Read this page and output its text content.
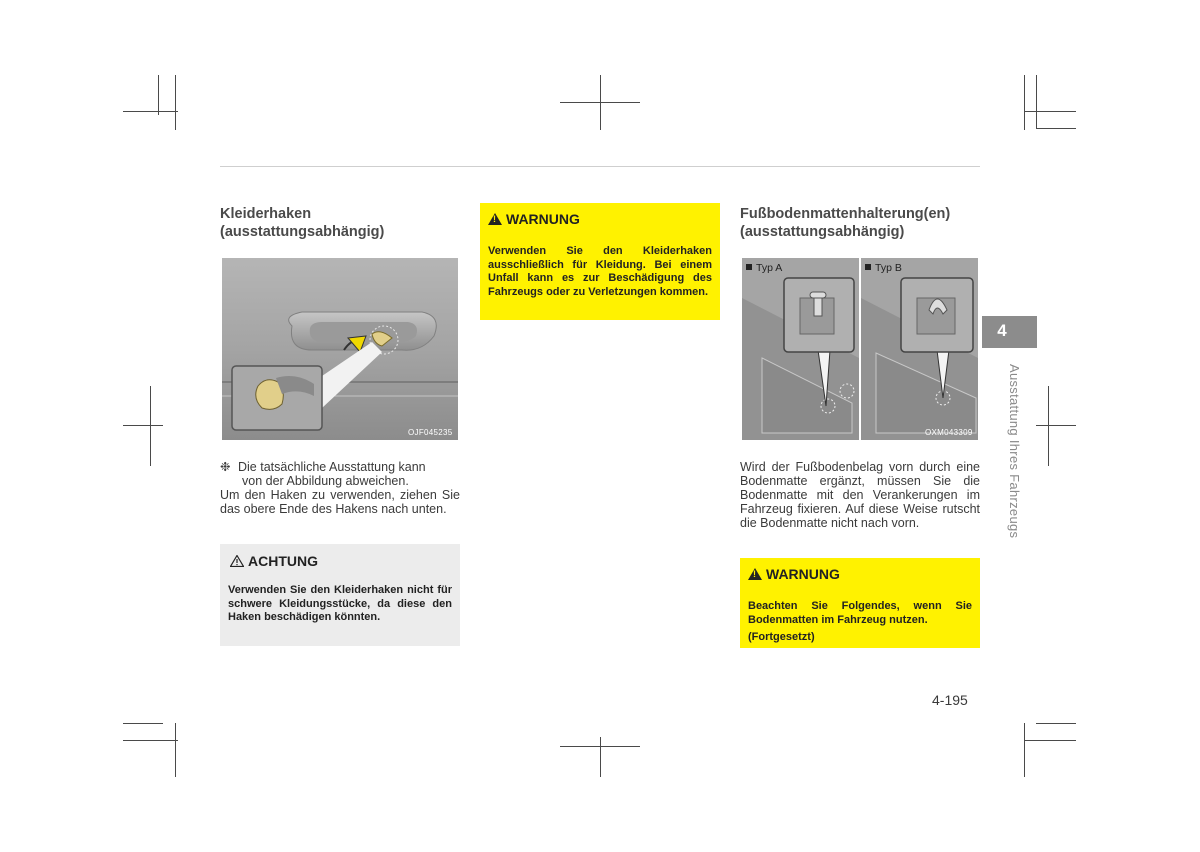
Kleiderhaken
(ausstattungsabhängig)
OJF045235
❉ Die tatsächliche Ausstattung kann
von der Abbildung abweichen.
Um den Haken zu verwenden, ziehen Sie das obere Ende des Hakens nach unten.
ACHTUNG
Verwenden Sie den Kleiderhaken nicht für schwere Kleidungsstücke, da diese den Haken beschädigen könnten.
!WARNUNG
Verwenden Sie den Kleiderhaken ausschließlich für Kleidung. Bei einem Unfall kann es zur Beschädigung des Fahrzeugs oder zu Verletzungen kommen.
Fußbodenmattenhalterung(en)
(ausstattungsabhängig)
Typ A	Typ B
OXM043309
Wird der Fußbodenbelag vorn durch eine Bodenmatte ergänzt, müssen Sie die Bodenmatte mit den Verankerungen im Fahrzeug fixieren. Auf diese Weise rutscht die Bodenmatte nicht nach vorn.
!WARNUNG
Beachten Sie Folgendes, wenn Sie Bodenmatten im Fahrzeug nutzen.
(Fortgesetzt)
4
Ausstattung Ihres Fahrzeugs
4-195
